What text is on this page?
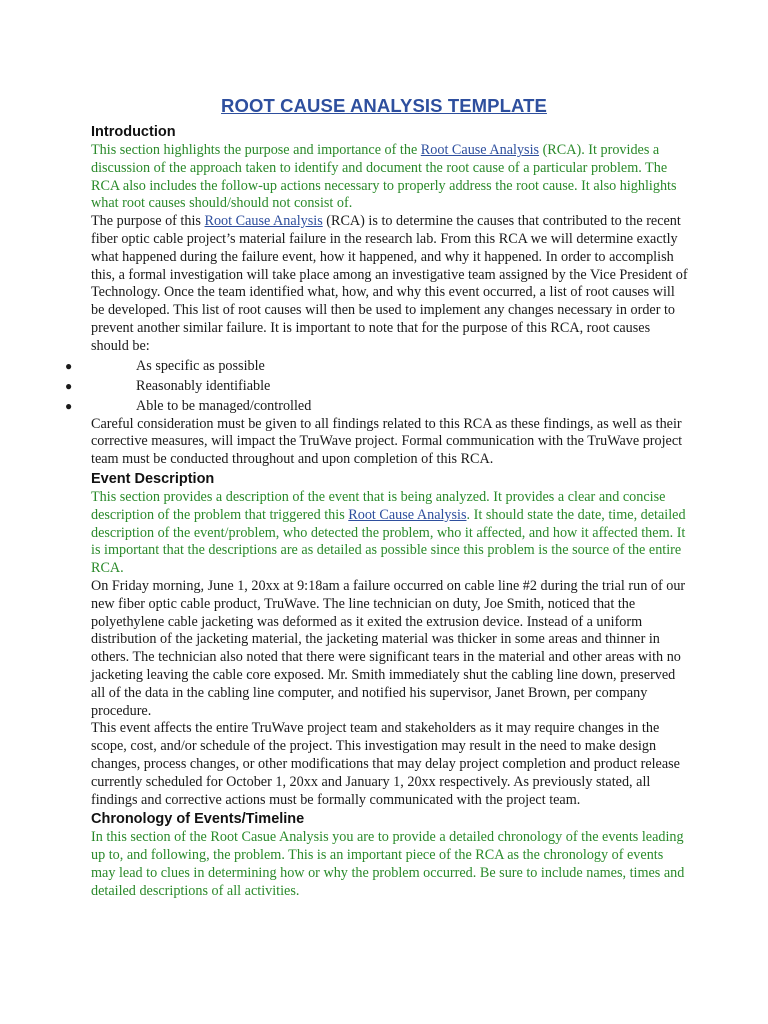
ROOT CAUSE ANALYSIS TEMPLATE
Introduction

This section highlights the purpose and importance of the Root Cause Analysis (RCA). It provides a discussion of the approach taken to identify and document the root cause of a particular problem. The RCA also includes the follow-up actions necessary to properly address the root cause. It also highlights what root causes should/should not consist of.

The purpose of this Root Cause Analysis (RCA) is to determine the causes that contributed to the recent fiber optic cable project’s material failure in the research lab. From this RCA we will determine exactly what happened during the failure event, how it happened, and why it happened. In order to accomplish this, a formal investigation will take place among an investigative team assigned by the Vice President of Technology. Once the team identified what, how, and why this event occurred, a list of root causes will be developed. This list of root causes will then be used to implement any changes necessary in order to prevent another similar failure. It is important to note that for the purpose of this RCA, root causes should be:

●	As specific as possible
●	Reasonably identifiable
●	Able to be managed/controlled

Careful consideration must be given to all findings related to this RCA as these findings, as well as their corrective measures, will impact the TruWave project. Formal communication with the TruWave project team must be conducted throughout and upon completion of this RCA.

Event Description

This section provides a description of the event that is being analyzed. It provides a clear and concise description of the problem that triggered this Root Cause Analysis. It should state the date, time, detailed description of the event/problem, who detected the problem, who it affected, and how it affected them. It is important that the descriptions are as detailed as possible since this problem is the source of the entire RCA.

On Friday morning, June 1, 20xx at 9:18am a failure occurred on cable line #2 during the trial run of our new fiber optic cable product, TruWave. The line technician on duty, Joe Smith, noticed that the polyethylene cable jacketing was deformed as it exited the extrusion device. Instead of a uniform distribution of the jacketing material, the jacketing material was thicker in some areas and thinner in others. The technician also noted that there were significant tears in the material and other areas with no jacketing leaving the cable core exposed. Mr. Smith immediately shut the cabling line down, preserved all of the data in the cabling line computer, and notified his supervisor, Janet Brown, per company procedure.

This event affects the entire TruWave project team and stakeholders as it may require changes in the scope, cost, and/or schedule of the project. This investigation may result in the need to make design changes, process changes, or other modifications that may delay project completion and product release currently scheduled for October 1, 20xx and January 1, 20xx respectively. As previously stated, all findings and corrective actions must be formally communicated with the project team.

Chronology of Events/Timeline

In this section of the Root Casue Analysis you are to provide a detailed chronology of the events leading up to, and following, the problem. This is an important piece of the RCA as the chronology of events may lead to clues in determining how or why the problem occurred. Be sure to include names, times and detailed descriptions of all activities.
